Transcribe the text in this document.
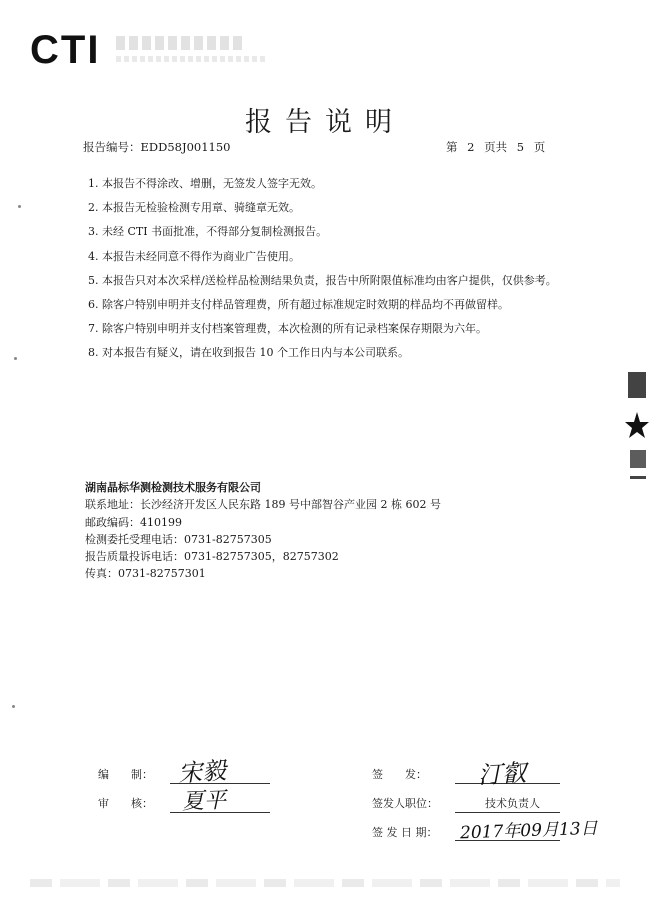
CTI
报告说明
报告编号：EDD58J001150	第 2 页共 5 页
1. 本报告不得涂改、增删，无签发人签字无效。
2. 本报告无检验检测专用章、骑缝章无效。
3. 未经 CTI 书面批准，不得部分复制检测报告。
4. 本报告未经同意不得作为商业广告使用。
5. 本报告只对本次采样/送检样品检测结果负责，报告中所附限值标准均由客户提供，仅供参考。
6. 除客户特别申明并支付样品管理费，所有超过标准规定时效期的样品均不再做留样。
7. 除客户特别申明并支付档案管理费，本次检测的所有记录档案保存期限为六年。
8. 对本报告有疑义，请在收到报告 10 个工作日内与本公司联系。
湖南晶标华测检测技术服务有限公司
联系地址：长沙经济开发区人民东路 189 号中部智谷产业园 2 栋 602 号
邮政编码：410199
检测委托受理电话：0731-82757305
报告质量投诉电话：0731-82757305，82757302
传真：0731-82757301
编　　制： 宋毅
审　　核： 夏平
签　　发： 汀叡
签发人职位：	技术负责人
签 发 日 期： 2017年09月13日
